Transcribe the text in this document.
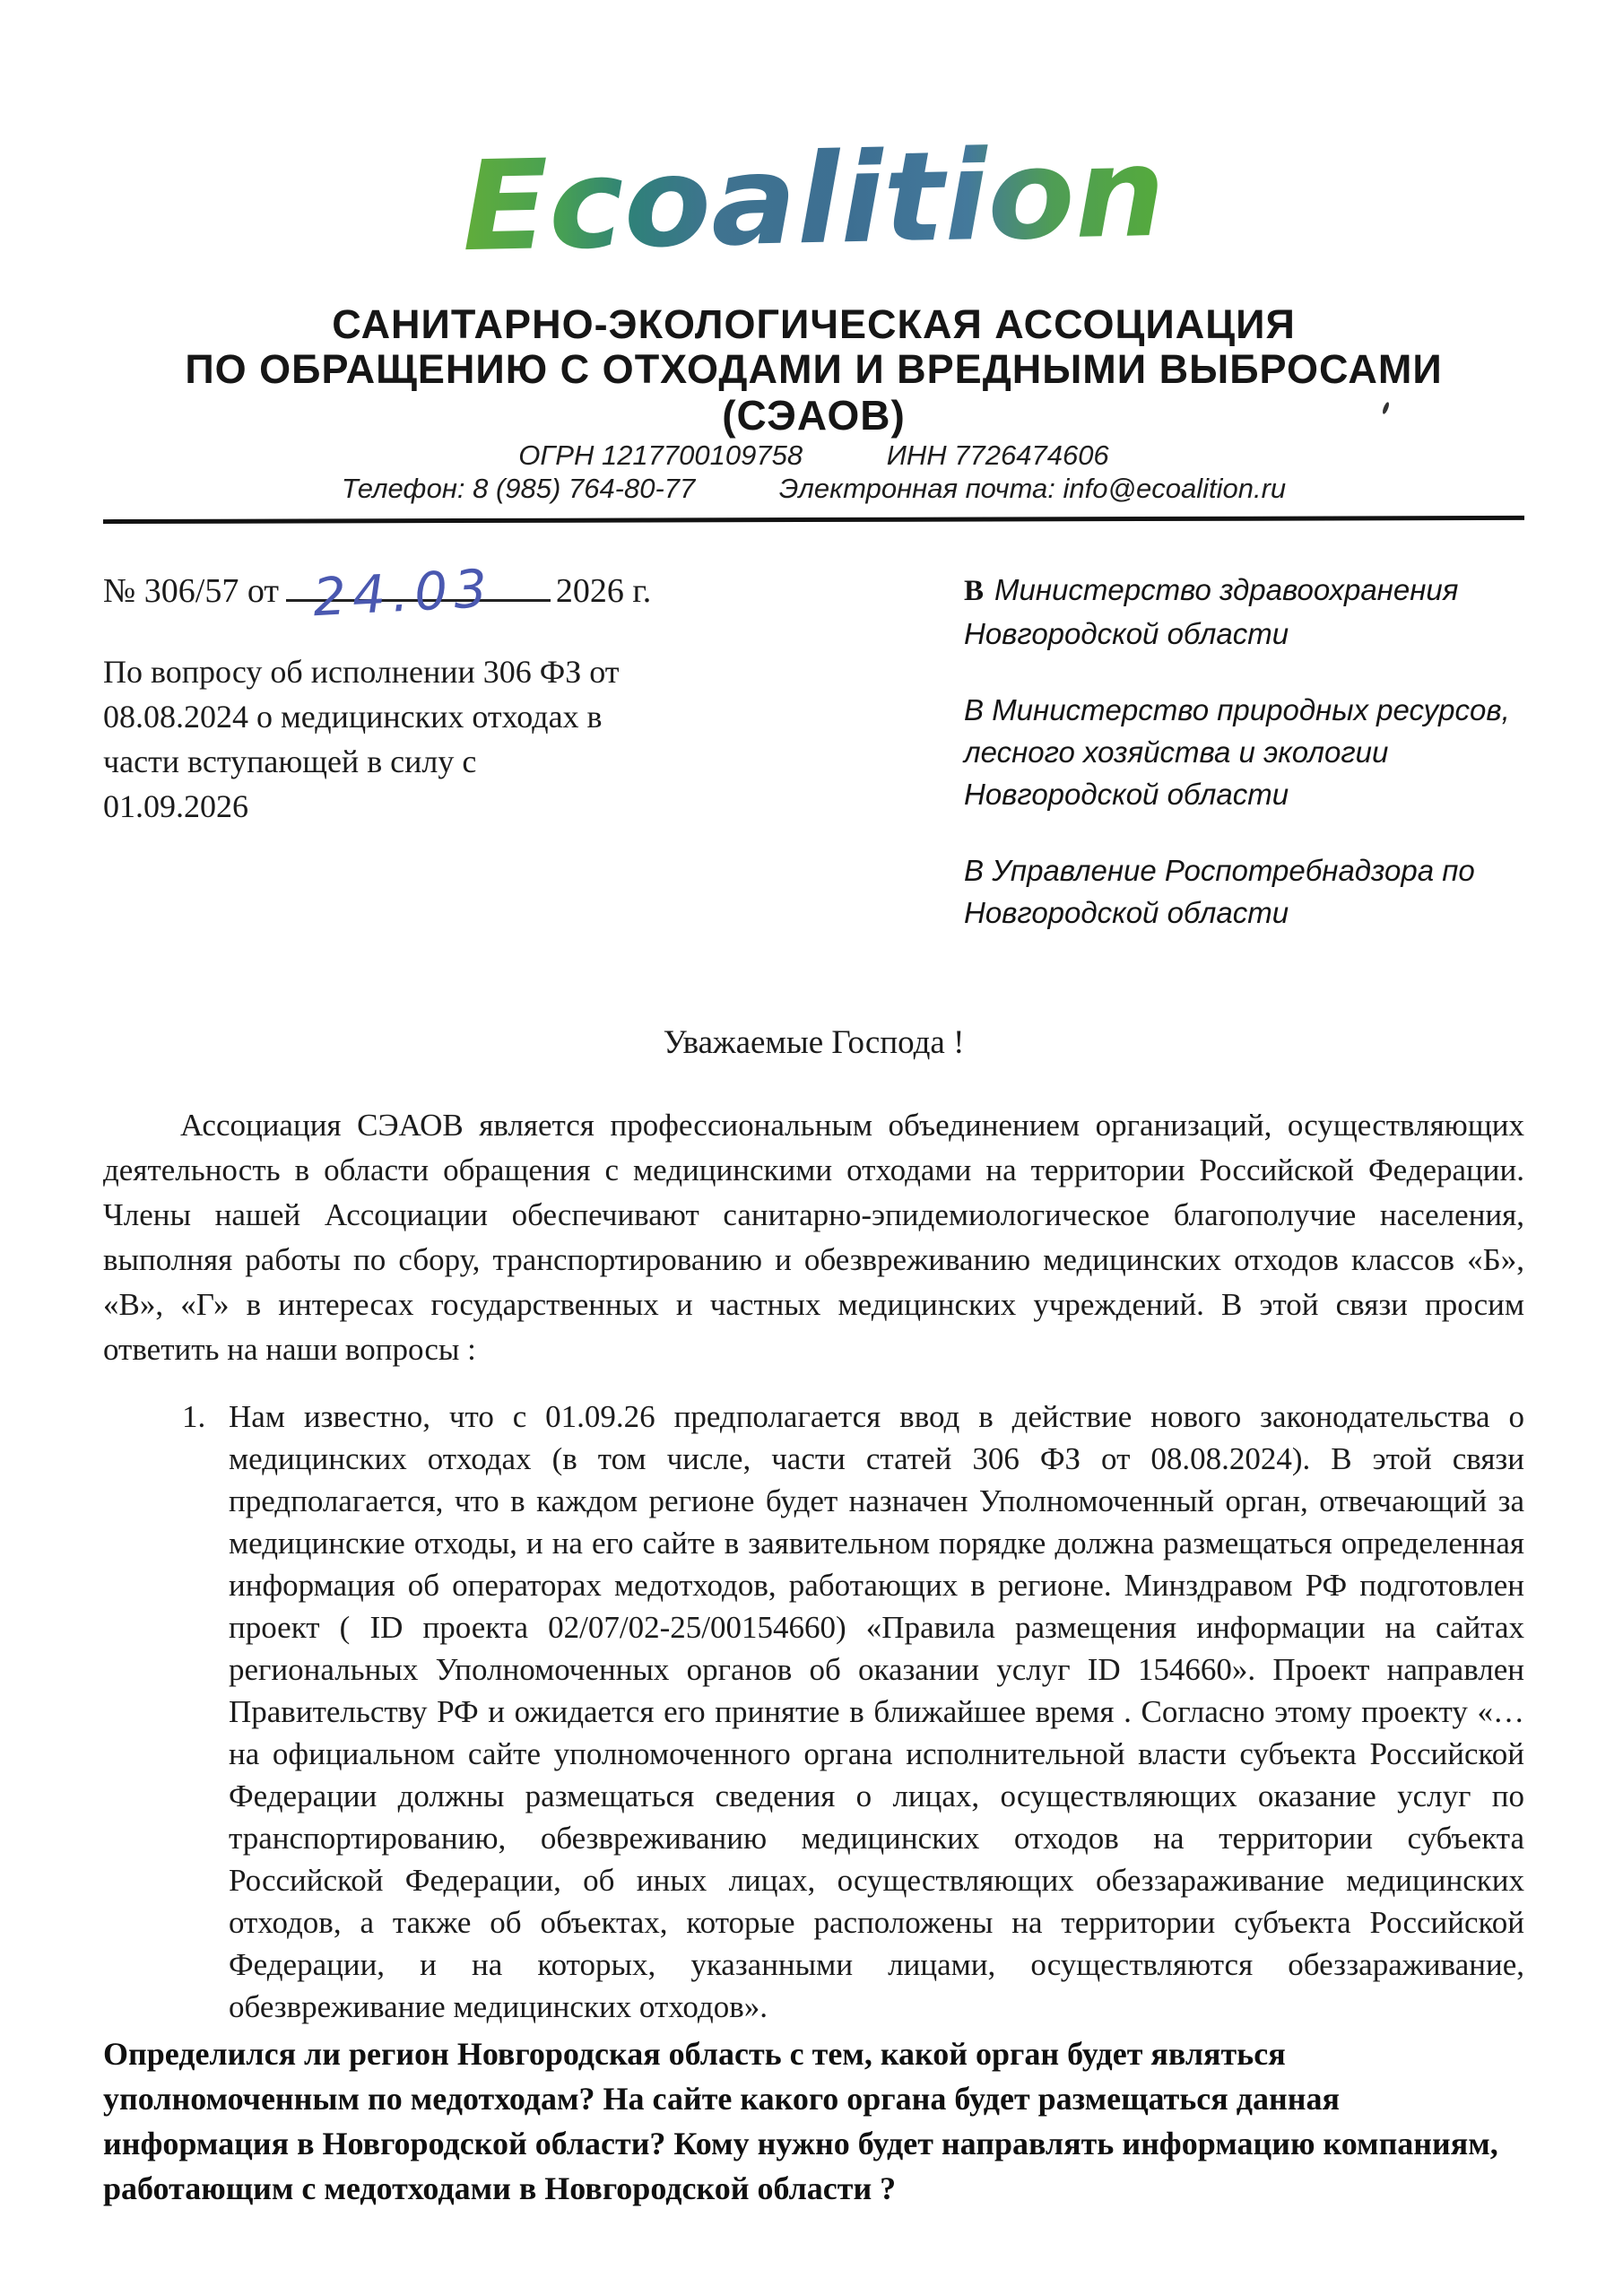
Ecoalition
САНИТАРНО-ЭКОЛОГИЧЕСКАЯ АССОЦИАЦИЯ
ПО ОБРАЩЕНИЮ С ОТХОДАМИ И ВРЕДНЫМИ ВЫБРОСАМИ
(СЭАОВ)
ОГРН 1217700109758	ИНН 7726474606
Телефон: 8 (985) 764-80-77	Электронная почта: info@ecoalition.ru
№ 306/57 от 24.03 2026 г.

По вопросу об исполнении 306 ФЗ от 08.08.2024 о медицинских отходах в части вступающей в силу с 01.09.2026

В Министерство здравоохранения Новгородской области

В Министерство природных ресурсов, лесного хозяйства и экологии Новгородской области

В Управление Роспотребнадзора по Новгородской области

Уважаемые Господа !

Ассоциация СЭАОВ является профессиональным объединением организаций, осуществляющих деятельность в области обращения с медицинскими отходами на территории Российской Федерации. Члены нашей Ассоциации обеспечивают санитарно-эпидемиологическое благополучие населения, выполняя работы по сбору, транспортированию и обезвреживанию медицинских отходов классов «Б», «В», «Г» в интересах государственных и частных медицинских учреждений. В этой связи просим ответить на наши вопросы :

1. Нам известно, что с 01.09.26 предполагается ввод в действие нового законодательства о медицинских отходах (в том числе, части статей 306 ФЗ от 08.08.2024). В этой связи предполагается, что в каждом регионе будет назначен Уполномоченный орган, отвечающий за медицинские отходы, и на его сайте в заявительном порядке должна размещаться определенная информация об операторах медотходов, работающих в регионе. Минздравом РФ подготовлен проект ( ID проекта 02/07/02-25/00154660) «Правила размещения информации на сайтах региональных Уполномоченных органов об оказании услуг ID 154660». Проект направлен Правительству РФ и ожидается его принятие в ближайшее время . Согласно этому проекту «… на официальном сайте уполномоченного органа исполнительной власти субъекта Российской Федерации должны размещаться сведения о лицах, осуществляющих оказание услуг по транспортированию, обезвреживанию медицинских отходов на территории субъекта Российской Федерации, об иных лицах, осуществляющих обеззараживание медицинских отходов, а также об объектах, которые расположены на территории субъекта Российской Федерации, и на которых, указанными лицами, осуществляются обеззараживание, обезвреживание медицинских отходов».

Определился ли регион Новгородская область с тем, какой орган будет являться уполномоченным по медотходам? На сайте какого органа будет размещаться данная информация в Новгородской области? Кому нужно будет направлять информацию компаниям, работающим с медотходами в Новгородской области ?
